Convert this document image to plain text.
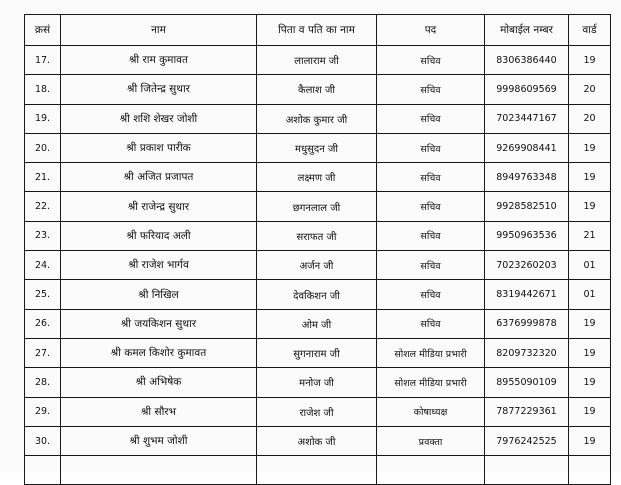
क्रसं	नाम	पिता व पति का नाम	पद	मोबाईल नम्बर	वार्ड
17.	श्री राम कुमावत	लालाराम जी	सचिव	8306386440	19
18.	श्री जितेन्द्र सुथार	कैलाश जी	सचिव	9998609569	20
19.	श्री शशि शेखर जोशी	अशोक कुमार जी	सचिव	7023447167	20
20.	श्री प्रकाश पारीक	मधुसुदन जी	सचिव	9269908441	19
21.	श्री अजित प्रजापत	लक्ष्मण जी	सचिव	8949763348	19
22.	श्री राजेन्द्र सुथार	छगनलाल जी	सचिव	9928582510	19
23.	श्री फरियाद अली	सराफत जी	सचिव	9950963536	21
24.	श्री राजेश भार्गव	अर्जन जी	सचिव	7023260203	01
25.	श्री निखिल	देवकिशन जी	सचिव	8319442671	01
26.	श्री जयकिशन सुथार	ओम जी	सचिव	6376999878	19
27.	श्री कमल किशोर कुमावत	सुगनाराम जी	सोशल मीडिया प्रभारी	8209732320	19
28.	श्री अभिषेक	मनोज जी	सोशल मीडिया प्रभारी	8955090109	19
29.	श्री सौरभ	राजेश जी	कोषाध्यक्ष	7877229361	19
30.	श्री शुभम जोशी	अशोक जी	प्रवक्ता	7976242525	19
